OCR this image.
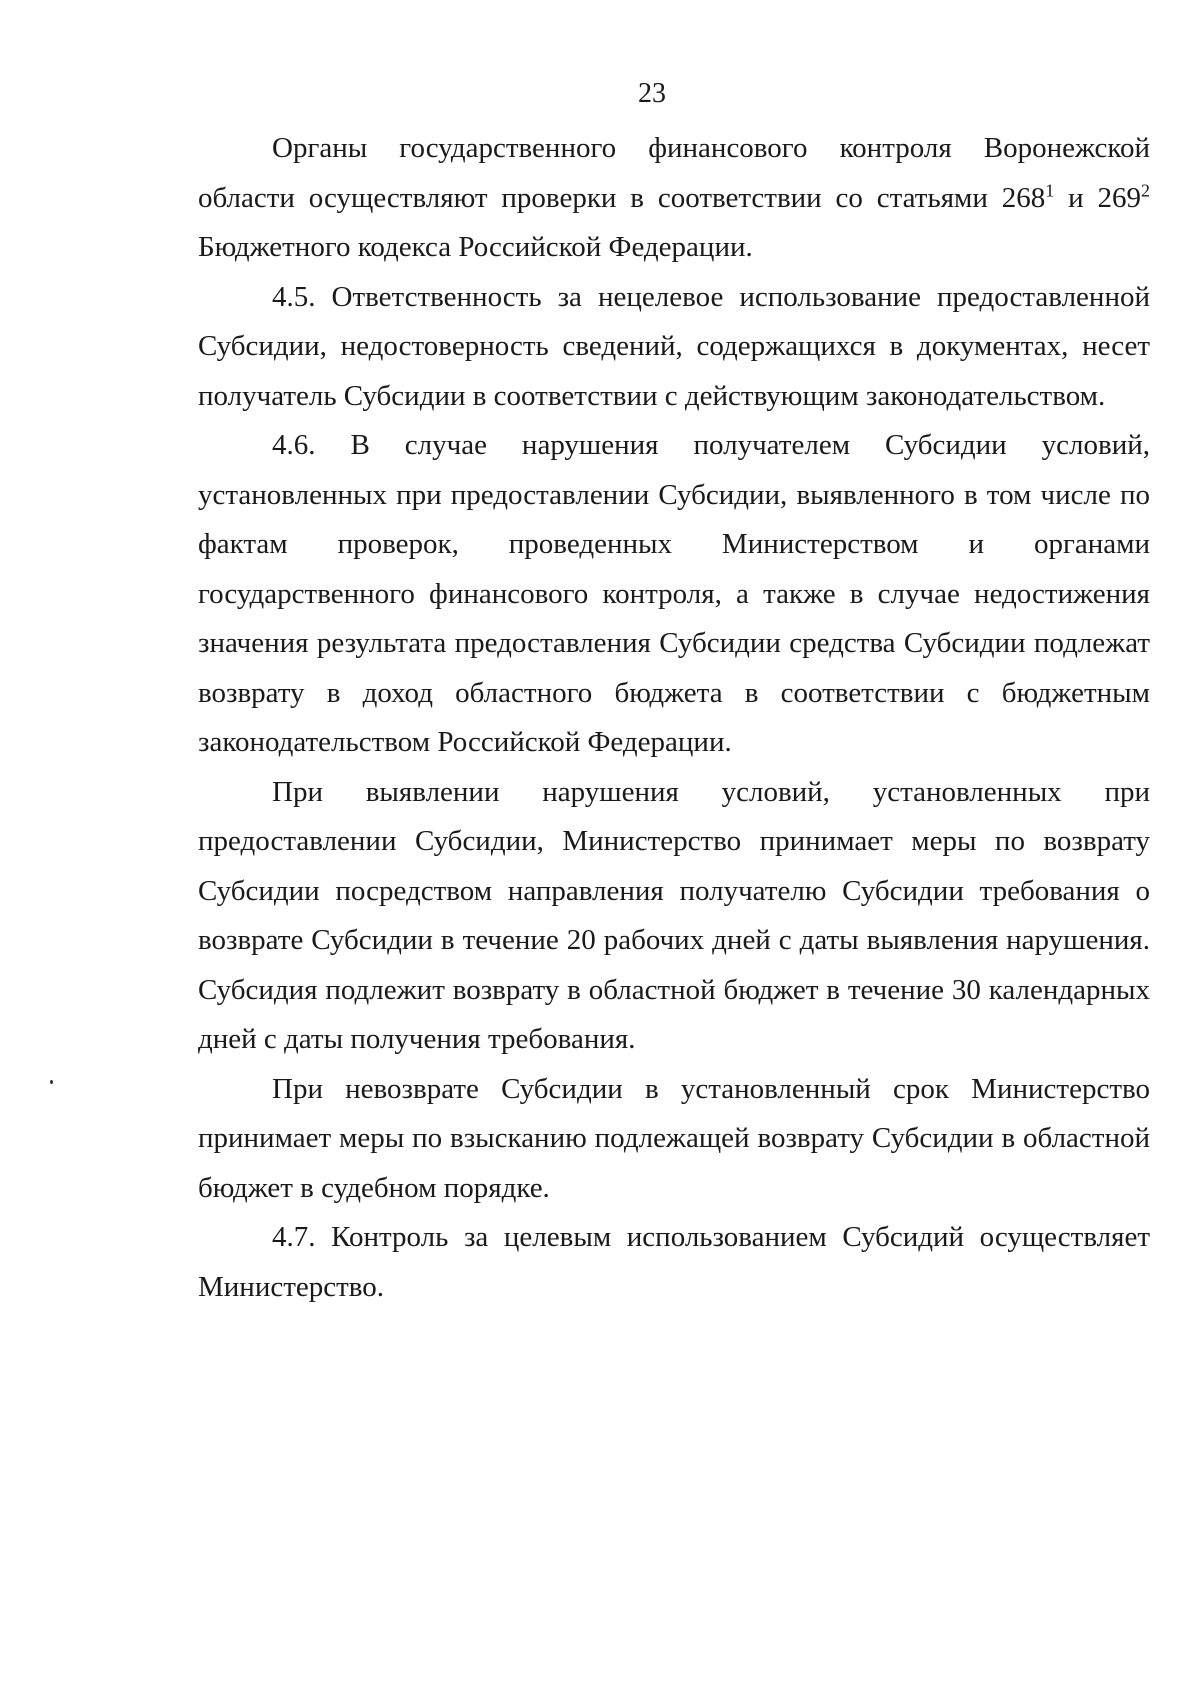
23

Органы государственного финансового контроля Воронежской области осуществляют проверки в соответствии со статьями $268^1$ и $269^2$ Бюджетного кодекса Российской Федерации.

4.5. Ответственность за нецелевое использование предоставленной Субсидии, недостоверность сведений, содержащихся в документах, несет получатель Субсидии в соответствии с действующим законодательством.

4.6. В случае нарушения получателем Субсидии условий, установленных при предоставлении Субсидии, выявленного в том числе по фактам проверок, проведенных Министерством и органами государственного финансового контроля, а также в случае недостижения значения результата предоставления Субсидии средства Субсидии подлежат возврату в доход областного бюджета в соответствии с бюджетным законодательством Российской Федерации.

При выявлении нарушения условий, установленных при предоставлении Субсидии, Министерство принимает меры по возврату Субсидии посредством направления получателю Субсидии требования о возврате Субсидии в течение 20 рабочих дней с даты выявления нарушения. Субсидия подлежит возврату в областной бюджет в течение 30 календарных дней с даты получения требования.

При невозврате Субсидии в установленный срок Министерство принимает меры по взысканию подлежащей возврату Субсидии в областной бюджет в судебном порядке.

4.7. Контроль за целевым использованием Субсидий осуществляет Министерство.
